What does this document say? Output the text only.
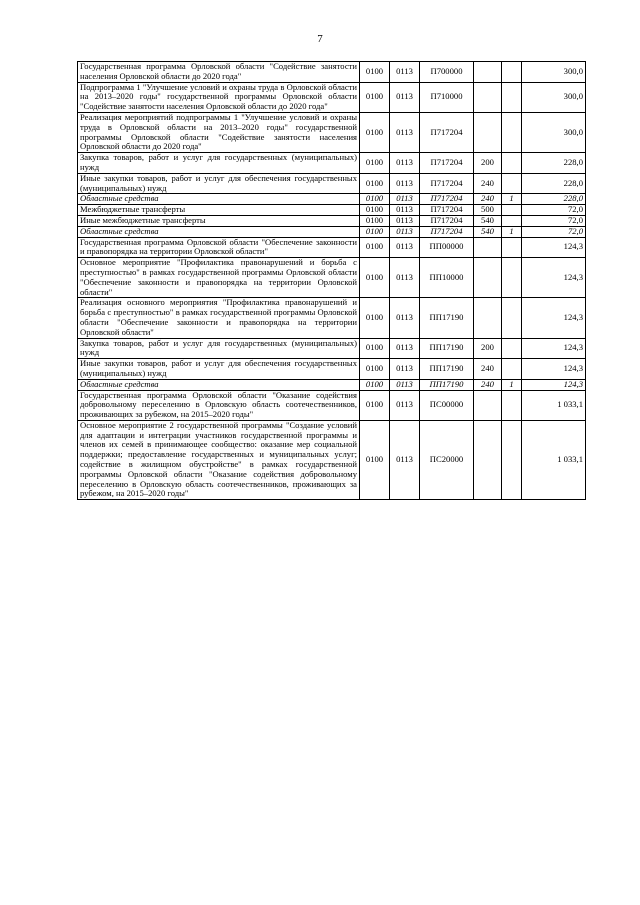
7
Государственная программа Орловской области "Содействие занятости населения Орловской области до 2020 года"	0100	0113	П700000			300,0
Подпрограмма 1 "Улучшение условий и охраны труда в Орловской области на 2013–2020 годы" государственной программы Орловской области "Содействие занятости населения Орловской области до 2020 года"	0100	0113	П710000			300,0
Реализация мероприятий подпрограммы 1 "Улучшение условий и охраны труда в Орловской области на 2013–2020 годы" государственной программы Орловской области "Содействие занятости населения Орловской области до 2020 года"	0100	0113	П717204			300,0
Закупка товаров, работ и услуг для государственных (муниципальных) нужд	0100	0113	П717204	200		228,0
Иные закупки товаров, работ и услуг для обеспечения государственных (муниципальных) нужд	0100	0113	П717204	240		228,0
Областные средства	0100	0113	П717204	240	1	228,0
Межбюджетные трансферты	0100	0113	П717204	500		72,0
Иные межбюджетные трансферты	0100	0113	П717204	540		72,0
Областные средства	0100	0113	П717204	540	1	72,0
Государственная программа Орловской области "Обеспечение законности и правопорядка на территории Орловской области"	0100	0113	ПП00000			124,3
Основное мероприятие "Профилактика правонарушений и борьба с преступностью" в рамках государственной программы Орловской области "Обеспечение законности и правопорядка на территории Орловской области"	0100	0113	ПП10000			124,3
Реализация основного мероприятия "Профилактика правонарушений и борьба с преступностью" в рамках государственной программы Орловской области "Обеспечение законности и правопорядка на территории Орловской области"	0100	0113	ПП17190			124,3
Закупка товаров, работ и услуг для государственных (муниципальных) нужд	0100	0113	ПП17190	200		124,3
Иные закупки товаров, работ и услуг для обеспечения государственных (муниципальных) нужд	0100	0113	ПП17190	240		124,3
Областные средства	0100	0113	ПП17190	240	1	124,3
Государственная программа Орловской области "Оказание содействия добровольному переселению в Орловскую область соотечественников, проживающих за рубежом, на 2015–2020 годы"	0100	0113	ПС00000			1 033,1
Основное мероприятие 2 государственной программы "Создание условий для адаптации и интеграции участников государственной программы и членов их семей в принимающее сообщество: оказание мер социальной поддержки; предоставление государственных и муниципальных услуг; содействие в жилищном обустройстве" в рамках государственной программы Орловской области "Оказание содействия добровольному переселению в Орловскую область соотечественников, проживающих за рубежом, на 2015–2020 годы"	0100	0113	ПС20000			1 033,1
